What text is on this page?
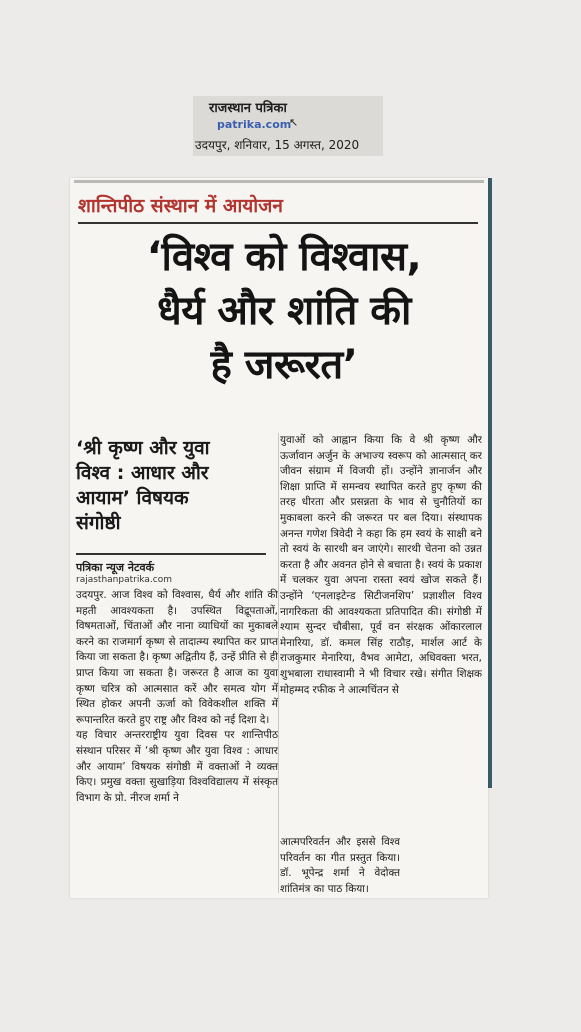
राजस्थान पत्रिका
patrika.com
↖
उदयपुर, शनिवार, 15 अगस्त, 2020
शान्तिपीठ संस्थान में आयोजन
‘विश्व को विश्वास,
धैर्य और शांति की
है जरूरत’
‘श्री कृष्ण और युवा
विश्व : आधार और
आयाम’ विषयक
संगोष्ठी
पत्रिका न्यूज नेटवर्क
rajasthanpatrika.com
उदयपुर. आज विश्व को विश्वास, धैर्य और शांति की महती आवश्यकता है। उपस्थित विद्रूपताओं, विषमताओं, चिंताओं और नाना व्याधियों का मुकाबले करने का राजमार्ग कृष्ण से तादात्म्य स्थापित कर प्राप्त किया जा सकता है। कृष्ण अद्वितीय हैं, उन्हें प्रीति से ही प्राप्त किया जा सकता है। जरूरत है आज का युवा कृष्ण चरित्र को आत्मसात करें और समत्व योग में स्थित होकर अपनी ऊर्जा को विवेकशील शक्ति में रूपान्तरित करते हुए राष्ट्र और विश्व को नई दिशा दे।
यह विचार अन्तरराष्ट्रीय युवा दिवस पर शान्तिपीठ संस्थान परिसर में ‘श्री कृष्ण और युवा विश्व : आधार और आयाम’ विषयक संगोष्ठी में वक्ताओं ने व्यक्त किए। प्रमुख वक्ता सुखाड़िया विश्वविद्यालय में संस्कृत विभाग के प्रो. नीरज शर्मा ने
युवाओं को आह्वान किया कि वे श्री कृष्ण और ऊर्जावान अर्जुन के अभाज्य स्वरूप को आत्मसात् कर जीवन संग्राम में विजयी हों। उन्होंने ज्ञानार्जन और शिक्षा प्राप्ति में समन्वय स्थापित करते हुए कृष्ण की तरह धीरता और प्रसन्नता के भाव से चुनौतियों का मुकाबला करने की जरूरत पर बल दिया। संस्थापक अनन्त गणेश त्रिवेदी ने कहा कि हम स्वयं के साक्षी बने तो स्वयं के सारथी बन जाएंगे। सारथी चेतना को उन्नत करता है और अवनत होने से बचाता है। स्वयं के प्रकाश में चलकर युवा अपना रास्ता स्वयं खोज सकते हैं। उन्होंने ‘एनलाइटेन्ड सिटीजनशिप’ प्रज्ञाशील विश्व नागरिकता की आवश्यकता प्रतिपादित की। संगोष्ठी में श्याम सुन्दर चौबीसा, पूर्व वन संरक्षक ओंकारलाल मेनारिया, डॉ. कमल सिंह राठौड़, मार्शल आर्ट के राजकुमार मेनारिया, वैभव आमेटा, अधिवक्ता भरत, शुभबाला राधास्वामी ने भी विचार रखे। संगीत शिक्षक मोहम्मद रफीक ने आत्मचिंतन से
आत्मपरिवर्तन और इससे विश्व परिवर्तन का गीत प्रस्तुत किया। डॉ. भूपेन्द्र शर्मा ने वेदोक्त शांतिमंत्र का पाठ किया।
